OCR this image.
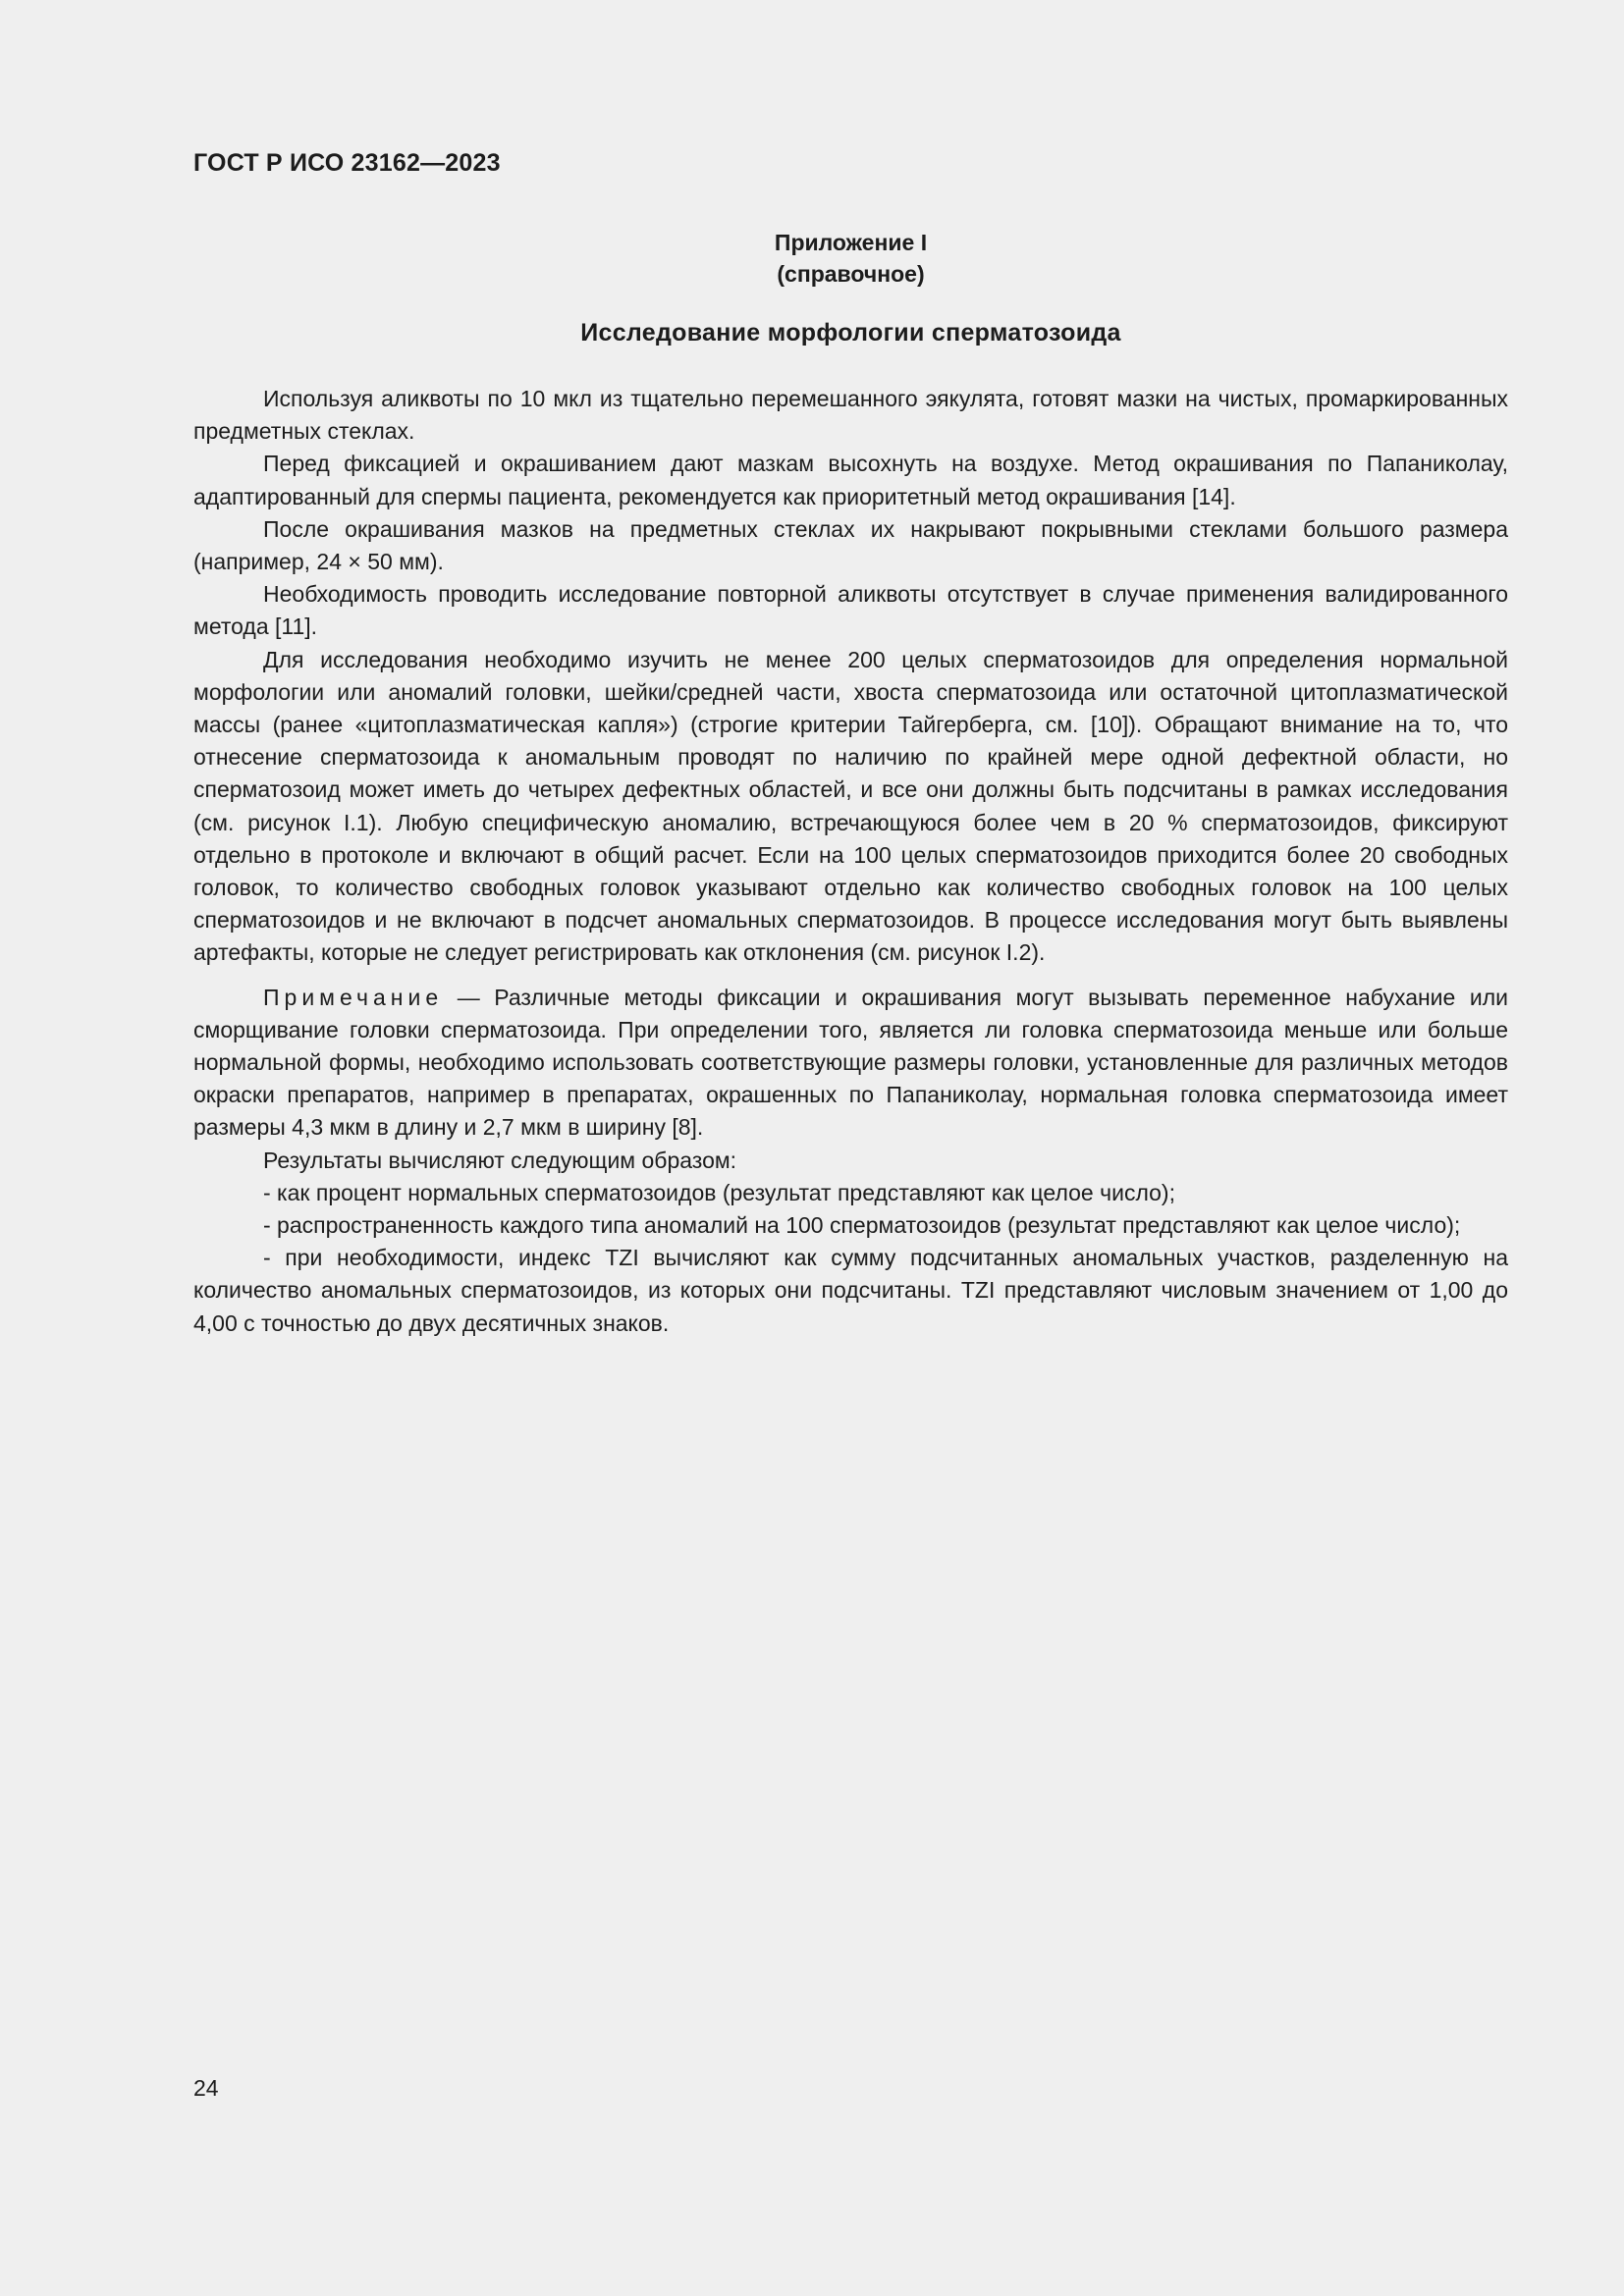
ГОСТ Р ИСО 23162—2023
Приложение I
(справочное)
Исследование морфологии сперматозоида

Используя аликвоты по 10 мкл из тщательно перемешанного эякулята, готовят мазки на чистых, промаркированных предметных стеклах.

Перед фиксацией и окрашиванием дают мазкам высохнуть на воздухе. Метод окрашивания по Папаниколау, адаптированный для спермы пациента, рекомендуется как приоритетный метод окрашивания [14].

После окрашивания мазков на предметных стеклах их накрывают покрывными стеклами большого размера (например, 24 × 50 мм).

Необходимость проводить исследование повторной аликвоты отсутствует в случае применения валидированного метода [11].

Для исследования необходимо изучить не менее 200 целых сперматозоидов для определения нормальной морфологии или аномалий головки, шейки/средней части, хвоста сперматозоида или остаточной цитоплазматической массы (ранее «цитоплазматическая капля») (строгие критерии Тайгерберга, см. [10]). Обращают внимание на то, что отнесение сперматозоида к аномальным проводят по наличию по крайней мере одной дефектной области, но сперматозоид может иметь до четырех дефектных областей, и все они должны быть подсчитаны в рамках исследования (см. рисунок I.1). Любую специфическую аномалию, встречающуюся более чем в 20 % сперматозоидов, фиксируют отдельно в протоколе и включают в общий расчет. Если на 100 целых сперматозоидов приходится более 20 свободных головок, то количество свободных головок указывают отдельно как количество свободных головок на 100 целых сперматозоидов и не включают в подсчет аномальных сперматозоидов. В процессе исследования могут быть выявлены артефакты, которые не следует регистрировать как отклонения (см. рисунок I.2).

Примечание — Различные методы фиксации и окрашивания могут вызывать переменное набухание или сморщивание головки сперматозоида. При определении того, является ли головка сперматозоида меньше или больше нормальной формы, необходимо использовать соответствующие размеры головки, установленные для различных методов окраски препаратов, например в препаратах, окрашенных по Папаниколау, нормальная головка сперматозоида имеет размеры 4,3 мкм в длину и 2,7 мкм в ширину [8].

Результаты вычисляют следующим образом:

- как процент нормальных сперматозоидов (результат представляют как целое число);

- распространенность каждого типа аномалий на 100 сперматозоидов (результат представляют как целое число);

- при необходимости, индекс TZI вычисляют как сумму подсчитанных аномальных участков, разделенную на количество аномальных сперматозоидов, из которых они подсчитаны. TZI представляют числовым значением от 1,00 до 4,00 с точностью до двух десятичных знаков.

24
